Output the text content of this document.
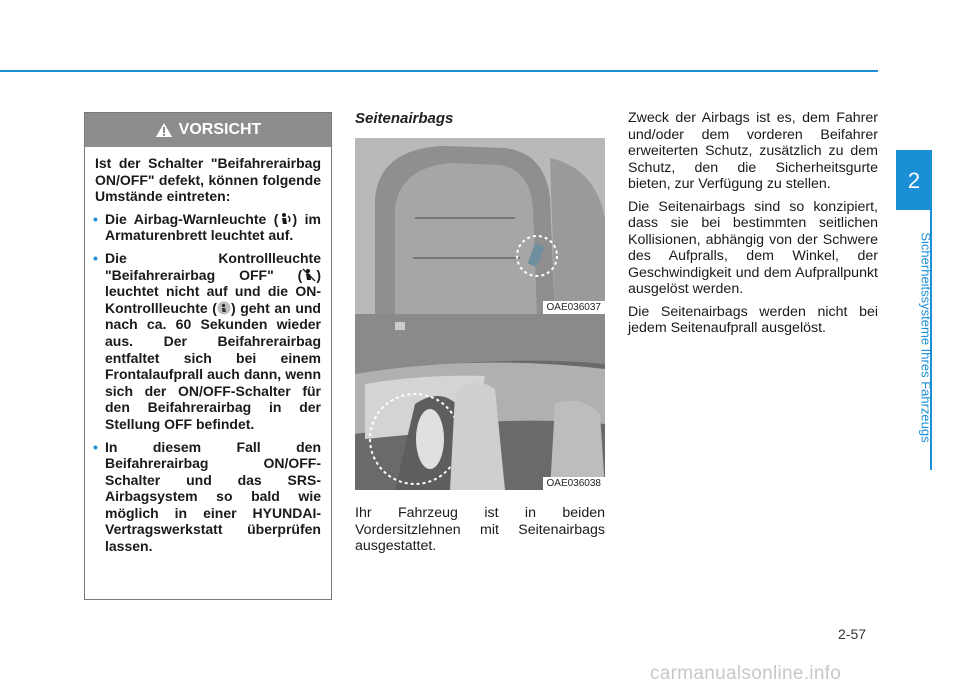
2
Sicherheitssysteme Ihres Fahrzeugs
VORSICHT

Ist der Schalter "Beifahrerairbag ON/OFF" defekt, können folgende Umstände eintreten:

• Die Airbag-Warnleuchte ( ) im Armaturenbrett leuchtet auf.
• Die Kontrollleuchte "Beifahrerairbag OFF" ( ) leuchtet nicht auf und die ON-Kontrollleuchte ( ) geht an und nach ca. 60 Sekunden wieder aus. Der Beifahrerairbag entfaltet sich bei einem Frontalaufprall auch dann, wenn sich der ON/OFF-Schalter für den Beifahrerairbag in der Stellung OFF befindet.
• In diesem Fall den Beifahrerairbag ON/OFF-Schalter und das SRS-Airbagsystem so bald wie möglich in einer HYUNDAI-Vertragswerkstatt überprüfen lassen.
Seitenairbags
OAE036037
OAE036038

Ihr Fahrzeug ist in beiden Vordersitzlehnen mit Seitenairbags ausgestattet.

Zweck der Airbags ist es, dem Fahrer und/oder dem vorderen Beifahrer erweiterten Schutz, zusätzlich zu dem Schutz, den die Sicherheitsgurte bieten, zur Verfügung zu stellen.

Die Seitenairbags sind so konzipiert, dass sie bei bestimmten seitlichen Kollisionen, abhängig von der Schwere des Aufpralls, dem Winkel, der Geschwindigkeit und dem Aufprallpunkt ausgelöst werden.

Die Seitenairbags werden nicht bei jedem Seitenaufprall ausgelöst.

2-57
carmanualsonline.info
